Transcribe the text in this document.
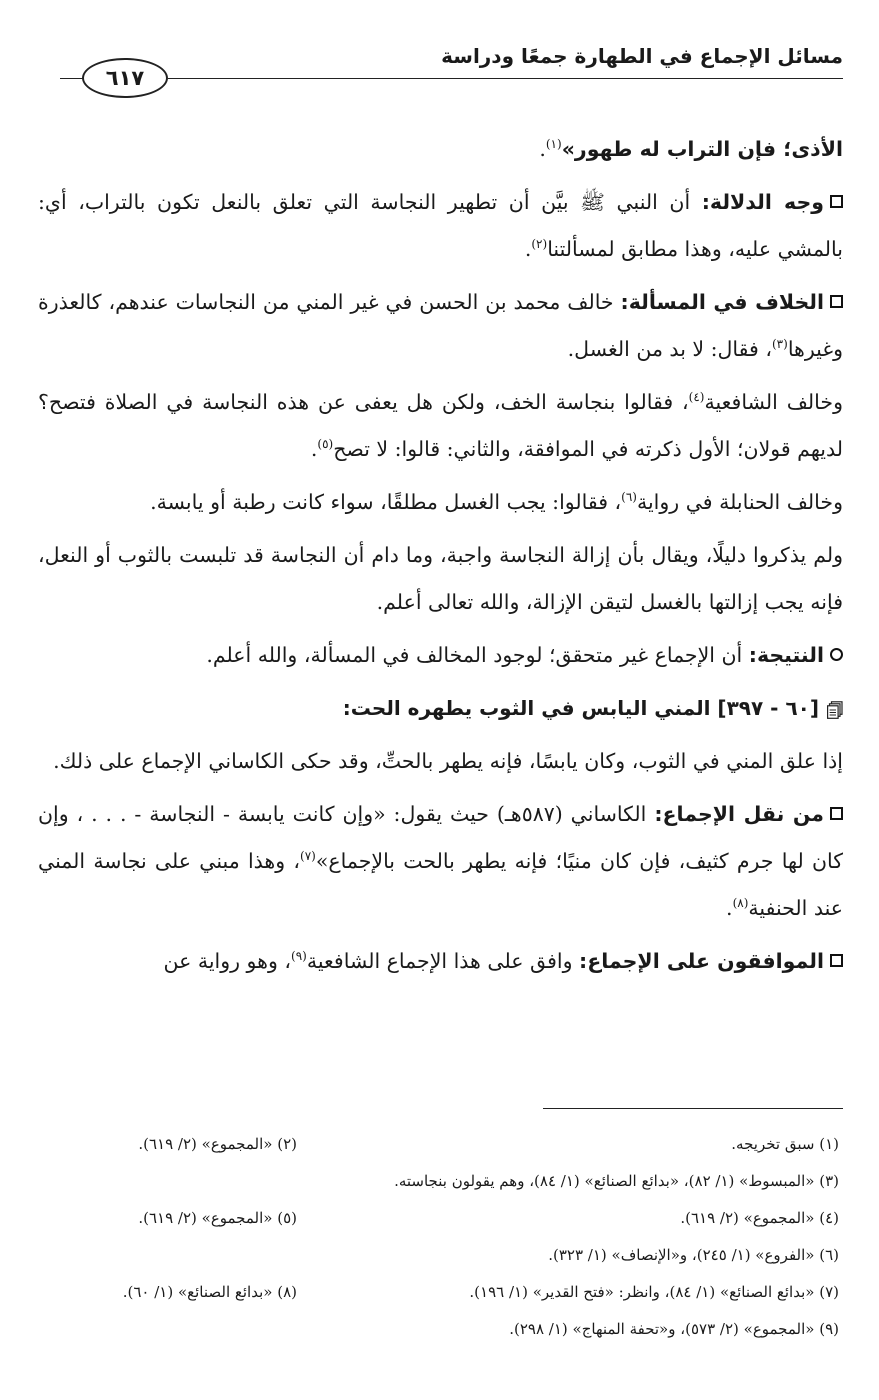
مسائل الإجماع في الطهارة جمعًا ودراسة
٦١٧

الأذى؛ فإن التراب له طهور»$^{(١)}$.

وجه الدلالة: أن النبي ﷺ بيَّن أن تطهير النجاسة التي تعلق بالنعل تكون بالتراب، أي: بالمشي عليه، وهذا مطابق لمسألتنا$^{(٢)}$.

الخلاف في المسألة: خالف محمد بن الحسن في غير المني من النجاسات عندهم، كالعذرة وغيرها$^{(٣)}$، فقال: لا بد من الغسل.

وخالف الشافعية$^{(٤)}$، فقالوا بنجاسة الخف، ولكن هل يعفى عن هذه النجاسة في الصلاة فتصح؟ لديهم قولان؛ الأول ذكرته في الموافقة، والثاني: قالوا: لا تصح$^{(٥)}$.

وخالف الحنابلة في رواية$^{(٦)}$، فقالوا: يجب الغسل مطلقًا، سواء كانت رطبة أو يابسة.

ولم يذكروا دليلًا، ويقال بأن إزالة النجاسة واجبة، وما دام أن النجاسة قد تلبست بالثوب أو النعل، فإنه يجب إزالتها بالغسل لتيقن الإزالة، والله تعالى أعلم.

النتيجة: أن الإجماع غير متحقق؛ لوجود المخالف في المسألة، والله أعلم.

[٦٠ - ٣٩٧] المني اليابس في الثوب يطهره الحت:

إذا علق المني في الثوب، وكان يابسًا، فإنه يطهر بالحتِّ، وقد حكى الكاساني الإجماع على ذلك.

من نقل الإجماع: الكاساني (٥٨٧هـ) حيث يقول: «وإن كانت يابسة - النجاسة - . . . ، وإن كان لها جرم كثيف، فإن كان منيًا؛ فإنه يطهر بالحت بالإجماع»$^{(٧)}$، وهذا مبني على نجاسة المني عند الحنفية$^{(٨)}$.

الموافقون على الإجماع: وافق على هذا الإجماع الشافعية$^{(٩)}$، وهو رواية عن

(١) سبق تخريجه.
(٢) «المجموع» (٢/ ٦١٩).
(٣) «المبسوط» (١/ ٨٢)، «بدائع الصنائع» (١/ ٨٤)، وهم يقولون بنجاسته.
(٤) «المجموع» (٢/ ٦١٩).
(٥) «المجموع» (٢/ ٦١٩).
(٦) «الفروع» (١/ ٢٤٥)، و«الإنصاف» (١/ ٣٢٣).
(٧) «بدائع الصنائع» (١/ ٨٤)، وانظر: «فتح القدير» (١/ ١٩٦).
(٨) «بدائع الصنائع» (١/ ٦٠).
(٩) «المجموع» (٢/ ٥٧٣)، و«تحفة المنهاج» (١/ ٢٩٨).
